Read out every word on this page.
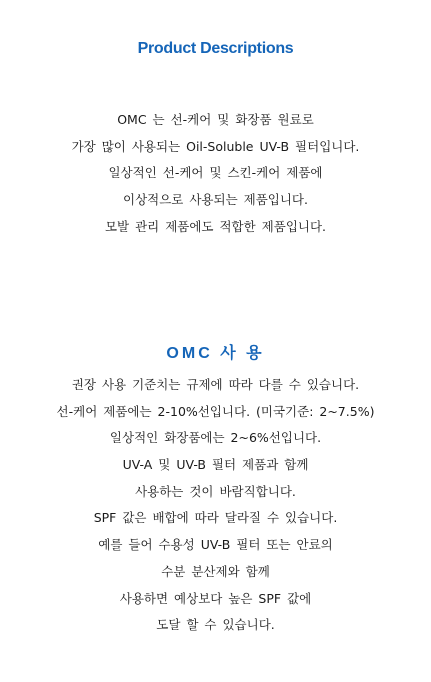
Product Descriptions
OMC 는 선-케어 및 화장품 원료로
가장 많이 사용되는 Oil-Soluble UV-B 필터입니다.
일상적인 선-케어 및 스킨-케어 제품에
이상적으로 사용되는 제품입니다.
모발 관리 제품에도 적합한 제품입니다.
OMC 사 용
권장 사용 기준치는 규제에 따라 다를 수 있습니다.
선-케어 제품에는 2-10%선입니다. (미국기준: 2~7.5%)
일상적인 화장품에는 2~6%선입니다.
UV-A 및 UV-B 필터 제품과 함께
사용하는 것이 바람직합니다.
SPF 값은 배합에 따라 달라질 수 있습니다.
예를 들어 수용성 UV-B 필터 또는 안료의
수분 분산제와 함께
사용하면 예상보다 높은 SPF 값에
도달 할 수 있습니다.
